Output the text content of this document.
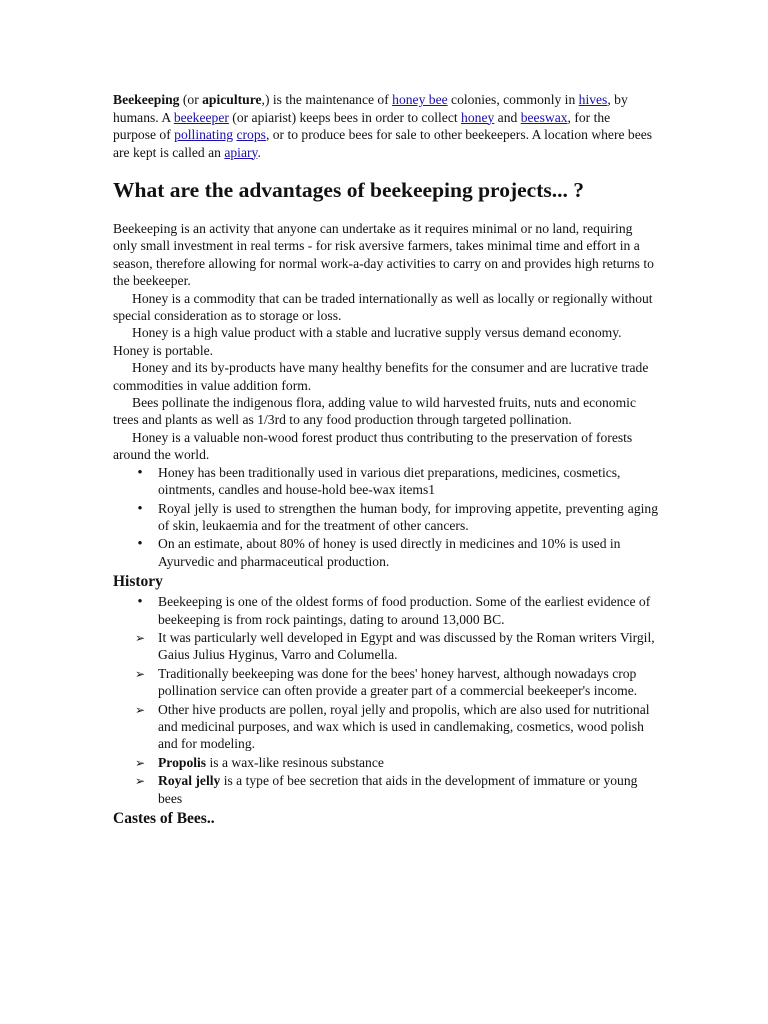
Beekeeping (or apiculture,) is the maintenance of honey bee colonies, commonly in hives, by humans. A beekeeper (or apiarist) keeps bees in order to collect honey and beeswax, for the purpose of pollinating crops, or to produce bees for sale to other beekeepers. A location where bees are kept is called an apiary.
What are the advantages of beekeeping projects... ?

Beekeeping is an activity that anyone can undertake as it requires minimal or no land, requiring only small investment in real terms - for risk aversive farmers, takes minimal time and effort in a season, therefore allowing for normal work-a-day activities to carry on and provides high returns to the beekeeper.

Honey is a commodity that can be traded internationally as well as locally or regionally without special consideration as to storage or loss.

Honey is a high value product with a stable and lucrative supply versus demand economy. Honey is portable.

Honey and its by-products have many healthy benefits for the consumer and are lucrative trade commodities in value addition form.

Bees pollinate the indigenous flora, adding value to wild harvested fruits, nuts and economic trees and plants as well as 1/3rd to any food production through targeted pollination.

Honey is a valuable non-wood forest product thus contributing to the preservation of forests around the world.

•
Honey has been traditionally used in various diet preparations, medicines, cosmetics, ointments, candles and house-hold bee-wax items1
•
Royal jelly is used to strengthen the human body, for improving appetite, preventing aging of skin, leukaemia and for the treatment of other cancers.
•
On an estimate, about 80% of honey is used directly in medicines and 10% is used in Ayurvedic and pharmaceutical production.
History
•
Beekeeping is one of the oldest forms of food production. Some of the earliest evidence of beekeeping is from rock paintings, dating to around 13,000 BC.
➢
It was particularly well developed in Egypt and was discussed by the Roman writers Virgil, Gaius Julius Hyginus, Varro and Columella.
➢
Traditionally beekeeping was done for the bees' honey harvest, although nowadays crop pollination service can often provide a greater part of a commercial beekeeper's income.
➢
Other hive products are pollen, royal jelly and propolis, which are also used for nutritional and medicinal purposes, and wax which is used in candlemaking, cosmetics, wood polish and for modeling.
➢
Propolis is a wax-like resinous substance
➢
Royal jelly is a type of bee secretion that aids in the development of immature or young bees
Castes of Bees..
